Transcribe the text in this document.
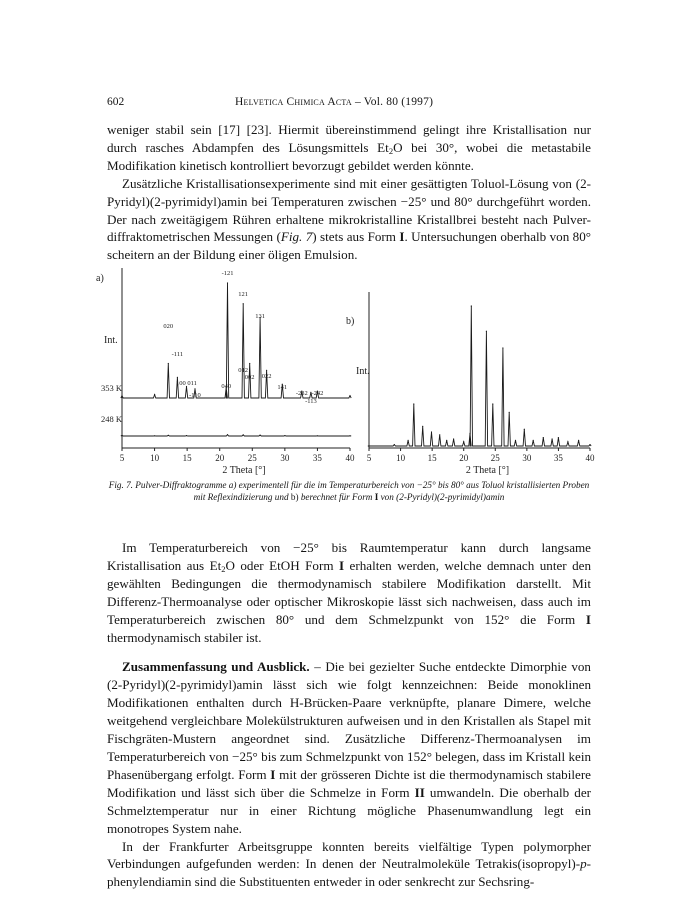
602	Helvetica Chimica Acta – Vol. 80 (1997)

weniger stabil sein [17] [23]. Hiermit übereinstimmend gelingt ihre Kristallisation nur durch rasches Abdampfen des Lösungsmittels $Et_2O$ bei 30°, wobei die metastabile Modifikation kinetisch kontrolliert bevorzugt gebildet werden könnte.

Zusätzliche Kristallisationsexperimente sind mit einer gesättigten Toluol-Lösung von (2-Pyridyl)(2-pyrimidyl)amin bei Temperaturen zwischen −25° und 80° durchgeführt worden. Der nach zweitägigem Rühren erhaltene mikrokristalline Kristallbrei besteht nach Pulver-diffraktometrischen Messungen (Fig. 7) stets aus Form I. Untersuchungen oberhalb von 80° scheitern an der Bildung einer öligen Emulsion.

5	10	15	20	25	30	35	40
2 Theta [°]
a)
Int.
353 K
248 K
5	10	15	20	25	30	35	40
2 Theta [°]
b)
Int.
-121
121
131
020
-111
100 011
-110
040
012
002 022
141
-232 -242
-113
Fig. 7. Pulver-Diffraktogramme a) experimentell für die im Temperaturbereich von −25° bis 80° aus Toluol kristallisierten Proben mit Reflexindizierung und b) berechnet für Form I von (2-Pyridyl)(2-pyrimidyl)amin

Im Temperaturbereich von −25° bis Raumtemperatur kann durch langsame Kristallisation aus $Et_2O$ oder EtOH Form I erhalten werden, welche demnach unter den gewählten Bedingungen die thermodynamisch stabilere Modifikation darstellt. Mit Differenz-Thermoanalyse oder optischer Mikroskopie lässt sich nachweisen, dass auch im Temperaturbereich zwischen 80° und dem Schmelzpunkt von 152° die Form I thermodynamisch stabiler ist.

Zusammenfassung und Ausblick. – Die bei gezielter Suche entdeckte Dimorphie von (2-Pyridyl)(2-pyrimidyl)amin lässt sich wie folgt kennzeichnen: Beide monoklinen Modifikationen enthalten durch H-Brücken-Paare verknüpfte, planare Dimere, welche weitgehend vergleichbare Molekülstrukturen aufweisen und in den Kristallen als Stapel mit Fischgräten-Mustern angeordnet sind. Zusätzliche Differenz-Thermoanalysen im Temperaturbereich von −25° bis zum Schmelzpunkt von 152° belegen, dass im Kristall kein Phasenübergang erfolgt. Form I mit der grösseren Dichte ist die thermodynamisch stabilere Modifikation und lässt sich über die Schmelze in Form II umwandeln. Die oberhalb der Schmelztemperatur nur in einer Richtung mögliche Phasenumwandlung legt ein monotropes System nahe.

In der Frankfurter Arbeitsgruppe konnten bereits vielfältige Typen polymorpher Verbindungen aufgefunden werden: In denen der Neutralmoleküle Tetrakis(isopropyl)-p-phenylendiamin sind die Substituenten entweder in oder senkrecht zur Sechsring-
